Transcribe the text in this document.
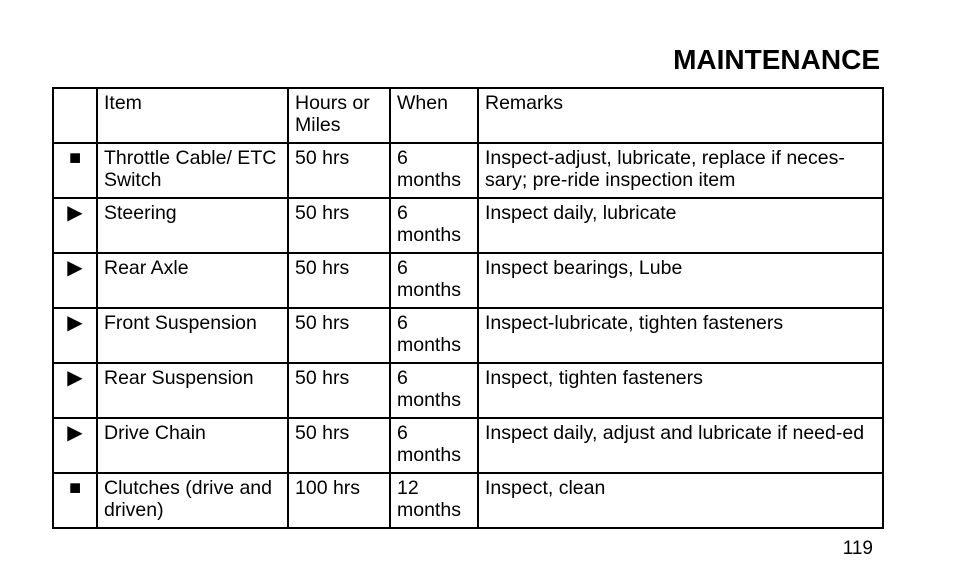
MAINTENANCE
	Item	Hours or Miles	When	Remarks
■	Throttle Cable/ ETC Switch	50 hrs	6 months	Inspect-adjust, lubricate, replace if neces-sary; pre-ride inspection item
▶	Steering	50 hrs	6 months	Inspect daily, lubricate
▶	Rear Axle	50 hrs	6 months	Inspect bearings, Lube
▶	Front Suspension	50 hrs	6 months	Inspect‑lubricate, tighten fasteners
▶	Rear Suspension	50 hrs	6 months	Inspect, tighten fasteners
▶	Drive Chain	50 hrs	6 months	Inspect daily, adjust and lubricate if need-ed
■	Clutches (drive and driven)	100 hrs	12 months	Inspect, clean
119
